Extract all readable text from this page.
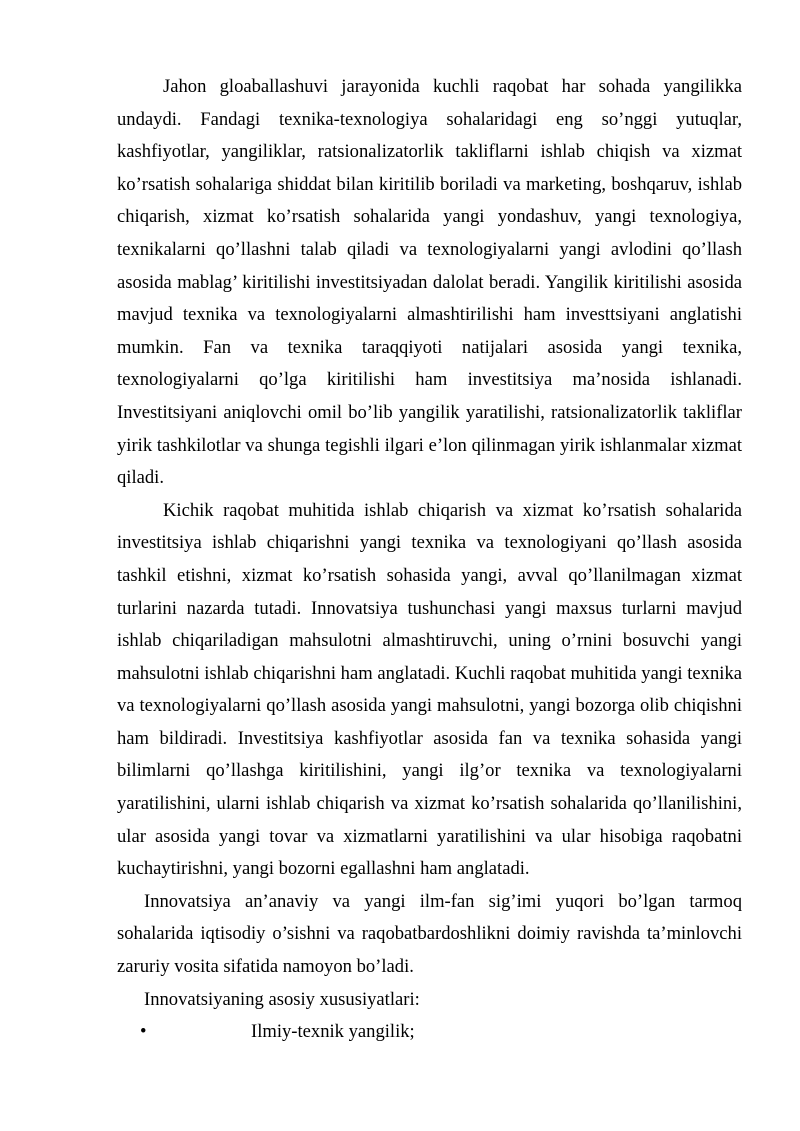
Jahon gloaballashuvi jarayonida kuchli raqobat har sohada yangilikka undaydi. Fandagi texnika-texnologiya sohalaridagi eng so’nggi yutuqlar, kashfiyotlar, yangiliklar, ratsionalizatorlik takliflarni ishlab chiqish va xizmat ko’rsatish sohalariga shiddat bilan kiritilib boriladi va marketing, boshqaruv, ishlab chiqarish, xizmat ko’rsatish sohalarida yangi yondashuv, yangi texnologiya, texnikalarni qo’llashni talab qiladi va texnologiyalarni yangi avlodini qo’llash asosida mablag’ kiritilishi investitsiyadan dalolat beradi. Yangilik kiritilishi asosida mavjud texnika va texnologiyalarni almashtirilishi ham investtsiyani anglatishi mumkin. Fan va texnika taraqqiyoti natijalari asosida yangi texnika, texnologiyalarni qo’lga kiritilishi ham investitsiya ma’nosida ishlanadi. Investitsiyani aniqlovchi omil bo’lib yangilik yaratilishi, ratsionalizatorlik takliflar yirik tashkilotlar va shunga tegishli ilgari e’lon qilinmagan yirik ishlanmalar xizmat qiladi.

Kichik raqobat muhitida ishlab chiqarish va xizmat ko’rsatish sohalarida investitsiya ishlab chiqarishni yangi texnika va texnologiyani qo’llash asosida tashkil etishni, xizmat ko’rsatish sohasida yangi, avval qo’llanilmagan xizmat turlarini nazarda tutadi. Innovatsiya tushunchasi yangi maxsus turlarni mavjud ishlab chiqariladigan mahsulotni almashtiruvchi, uning o’rnini bosuvchi yangi mahsulotni ishlab chiqarishni ham anglatadi. Kuchli raqobat muhitida yangi texnika va texnologiyalarni qo’llash asosida yangi mahsulotni, yangi bozorga olib chiqishni ham bildiradi. Investitsiya kashfiyotlar asosida fan va texnika sohasida yangi bilimlarni qo’llashga kiritilishini, yangi ilg’or texnika va texnologiyalarni yaratilishini, ularni ishlab chiqarish va xizmat ko’rsatish sohalarida qo’llanilishini, ular asosida yangi tovar va xizmatlarni yaratilishini va ular hisobiga raqobatni kuchaytirishni, yangi bozorni egallashni ham anglatadi.

Innovatsiya an’anaviy va yangi ilm-fan sig’imi yuqori bo’lgan tarmoq sohalarida iqtisodiy o’sishni va raqobatbardoshlikni doimiy ravishda ta’minlovchi zaruriy vosita sifatida namoyon bo’ladi.

Innovatsiyaning asosiy xususiyatlari:

•	Ilmiy-texnik yangilik;
